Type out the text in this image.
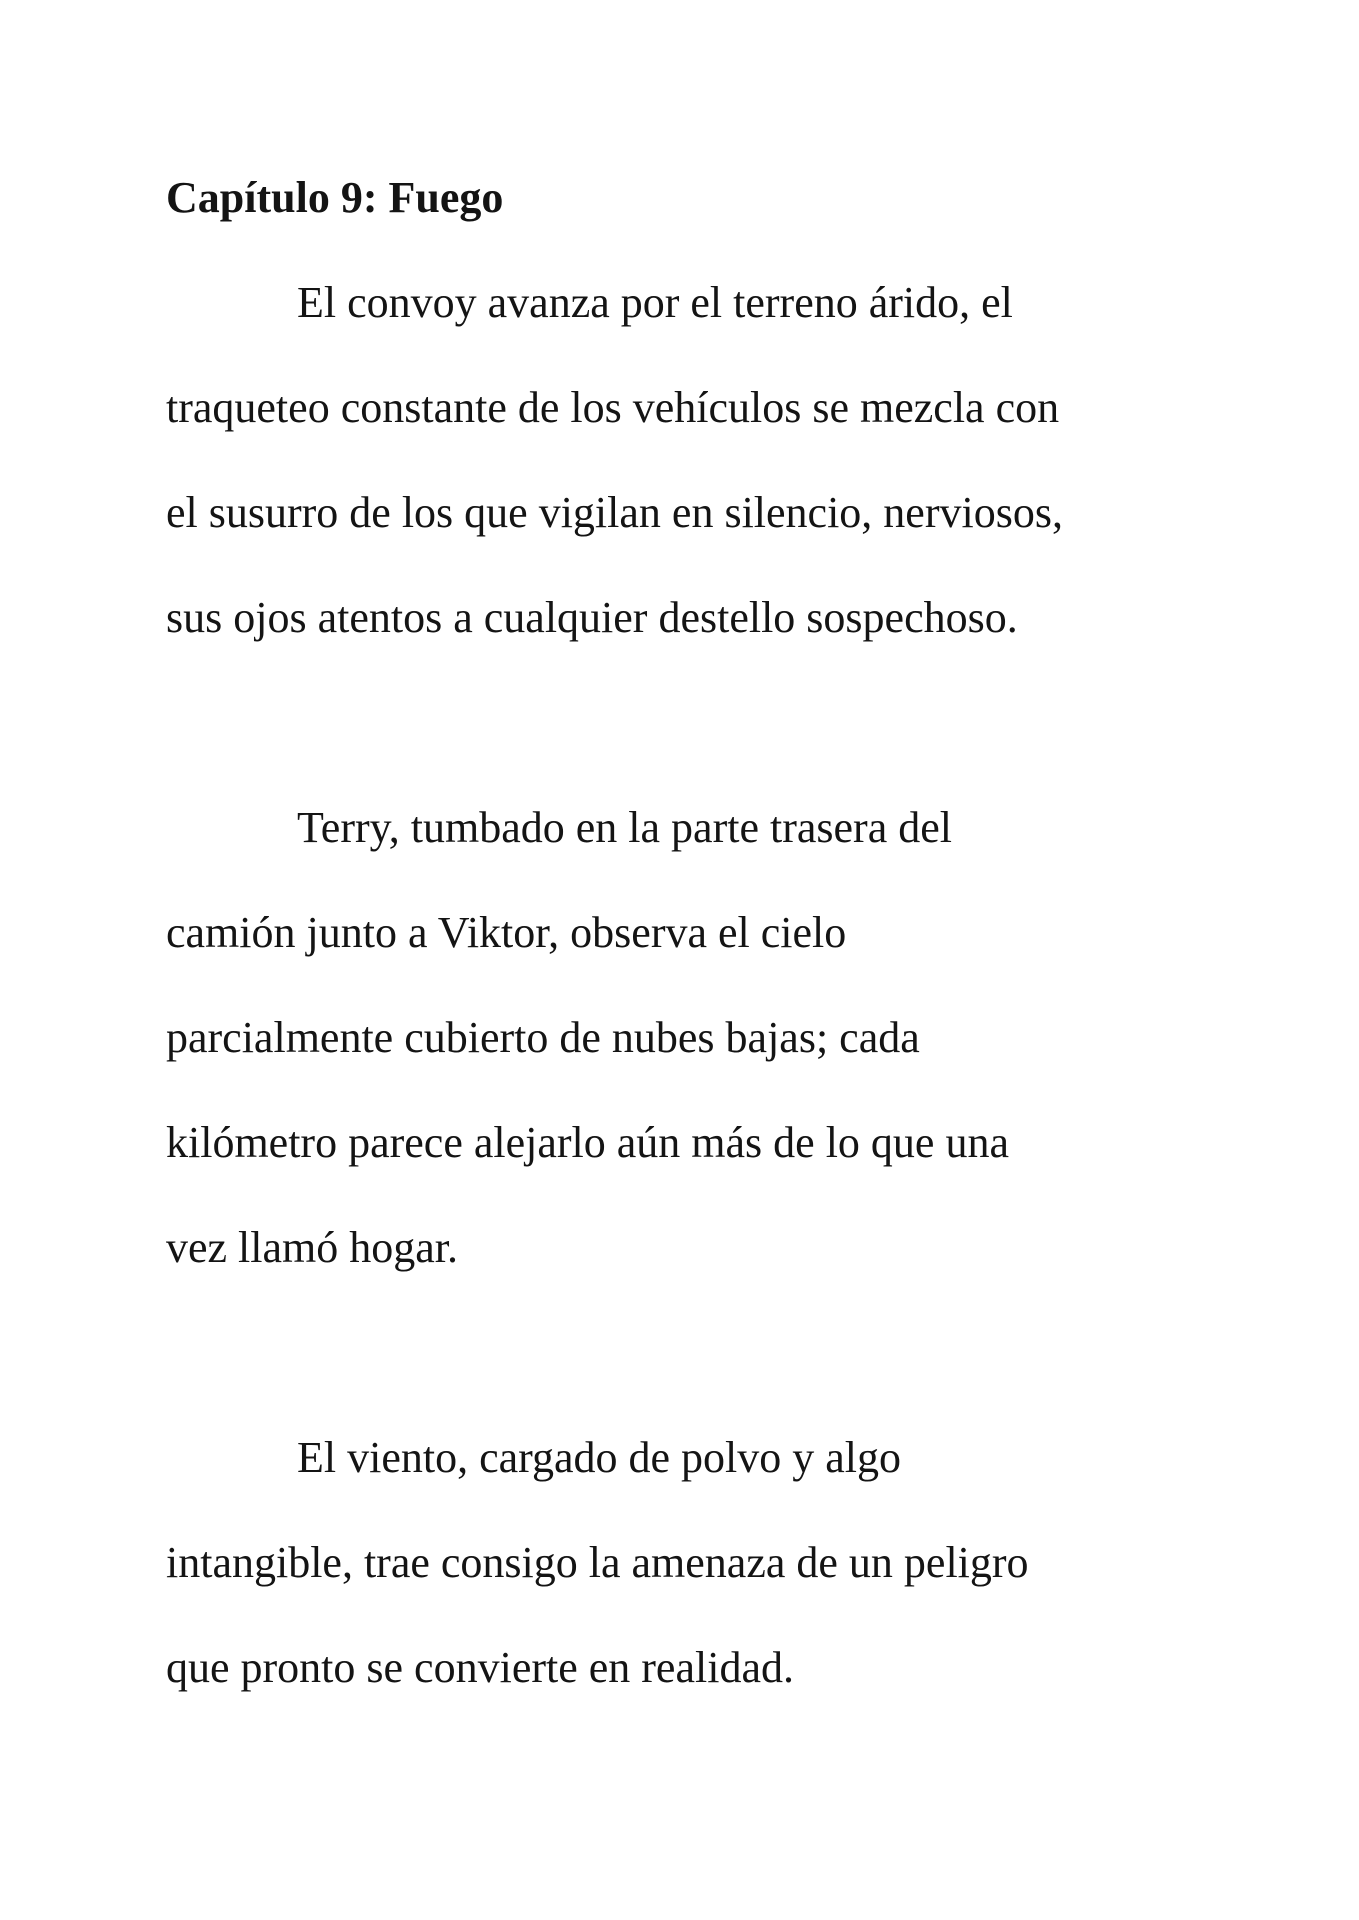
Capítulo 9: Fuego

El convoy avanza por el terreno árido, el
traqueteo constante de los vehículos se mezcla con
el susurro de los que vigilan en silencio, nerviosos,
sus ojos atentos a cualquier destello sospechoso.

Terry, tumbado en la parte trasera del
camión junto a Viktor, observa el cielo
parcialmente cubierto de nubes bajas; cada
kilómetro parece alejarlo aún más de lo que una
vez llamó hogar.

El viento, cargado de polvo y algo
intangible, trae consigo la amenaza de un peligro
que pronto se convierte en realidad.
